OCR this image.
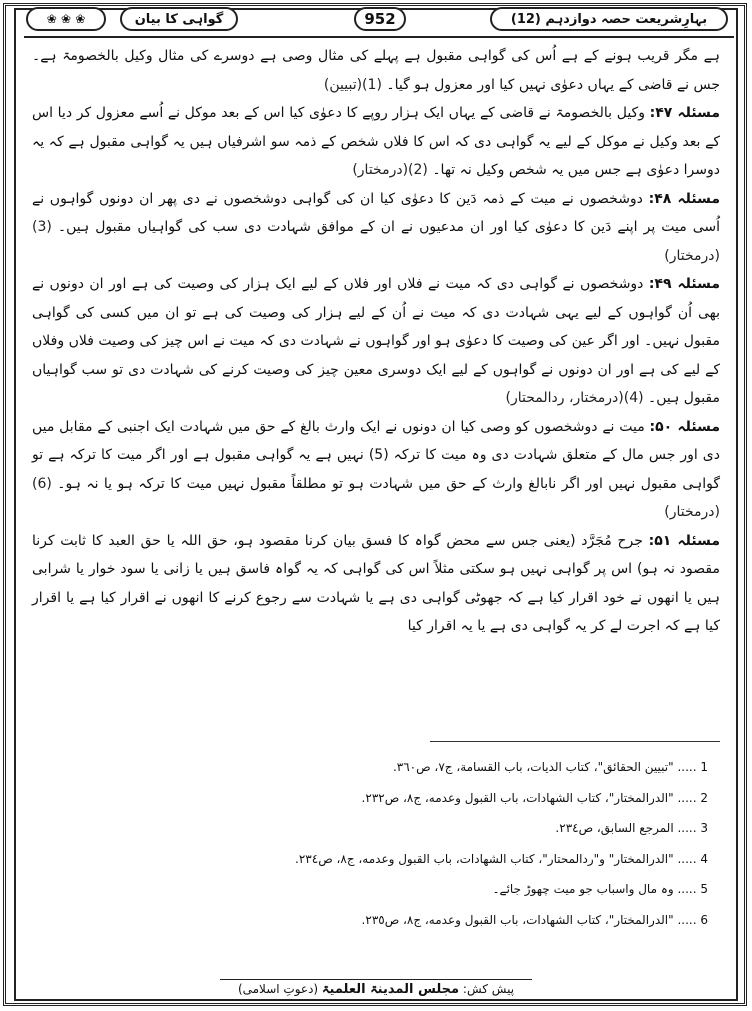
❀ ❀ ❀	گواہی کا بیان	952	بہارِشریعت حصہ دوازدہم (12)

ہے مگر قریب ہونے کے ہے اُس کی گواہی مقبول ہے پہلے کی مثال وصی ہے دوسرے کی مثال وکیل بالخصومۃ ہے۔ جس نے قاضی کے یہاں دعوٰی نہیں کیا اور معزول ہو گیا۔ (1)(تبیین)

مسئلہ ۴۷: وکیل بالخصومۃ نے قاضی کے یہاں ایک ہزار روپے کا دعوٰی کیا اس کے بعد موکل نے اُسے معزول کر دیا اس کے بعد وکیل نے موکل کے لیے یہ گواہی دی کہ اس کا فلاں شخص کے ذمہ سو اشرفیاں ہیں یہ گواہی مقبول ہے کہ یہ دوسرا دعوٰی ہے جس میں یہ شخص وکیل نہ تھا۔ (2)(درمختار)

مسئلہ ۴۸: دوشخصوں نے میت کے ذمہ دَین کا دعوٰی کیا ان کی گواہی دوشخصوں نے دی پھر ان دونوں گواہوں نے اُسی میت پر اپنے دَین کا دعوٰی کیا اور ان مدعیوں نے ان کے موافق شہادت دی سب کی گواہیاں مقبول ہیں۔ (3)(درمختار)

مسئلہ ۴۹: دوشخصوں نے گواہی دی کہ میت نے فلاں اور فلاں کے لیے ایک ہزار کی وصیت کی ہے اور ان دونوں نے بھی اُن گواہوں کے لیے یہی شہادت دی کہ میت نے اُن کے لیے ہزار کی وصیت کی ہے تو ان میں کسی کی گواہی مقبول نہیں۔ اور اگر عین کی وصیت کا دعوٰی ہو اور گواہوں نے شہادت دی کہ میت نے اس چیز کی وصیت فلاں وفلاں کے لیے کی ہے اور ان دونوں نے گواہوں کے لیے ایک دوسری معین چیز کی وصیت کرنے کی شہادت دی تو سب گواہیاں مقبول ہیں۔ (4)(درمختار، ردالمحتار)

مسئلہ ۵۰: میت نے دوشخصوں کو وصی کیا ان دونوں نے ایک وارث بالغ کے حق میں شہادت ایک اجنبی کے مقابل میں دی اور جس مال کے متعلق شہادت دی وہ میت کا ترکہ (5) نہیں ہے یہ گواہی مقبول ہے اور اگر میت کا ترکہ ہے تو گواہی مقبول نہیں اور اگر نابالغ وارث کے حق میں شہادت ہو تو مطلقاً مقبول نہیں میت کا ترکہ ہو یا نہ ہو۔ (6)(درمختار)

مسئلہ ۵۱: جرح مُجَرَّد (یعنی جس سے محض گواہ کا فسق بیان کرنا مقصود ہو، حق اللہ یا حق العبد کا ثابت کرنا مقصود نہ ہو) اس پر گواہی نہیں ہو سکتی مثلاً اس کی گواہی کہ یہ گواہ فاسق ہیں یا زانی یا سود خوار یا شرابی ہیں یا انھوں نے خود اقرار کیا ہے کہ جھوٹی گواہی دی ہے یا شہادت سے رجوع کرنے کا انھوں نے اقرار کیا ہے یا اقرار کیا ہے کہ اجرت لے کر یہ گواہی دی ہے یا یہ اقرار کیا

1 ..... "تبيين الحقائق"، كتاب الديات، باب القسامة، ج٧، ص٣٦٠.

2 ..... "الدرالمختار"، كتاب الشهادات، باب القبول وعدمه، ج٨، ص٢٣٢.

3 ..... المرجع السابق، ص٢٣٤.

4 ..... "الدرالمختار" و"ردالمحتار"، كتاب الشهادات، باب القبول وعدمه، ج٨، ص٢٣٤.

5 ..... وہ مال واسباب جو میت چھوڑ جائے۔

6 ..... "الدرالمختار"، كتاب الشهادات، باب القبول وعدمه، ج٨، ص٢٣٥.

پیش کش: مجلس المدینۃ العلمیۃ (دعوتِ اسلامی)
